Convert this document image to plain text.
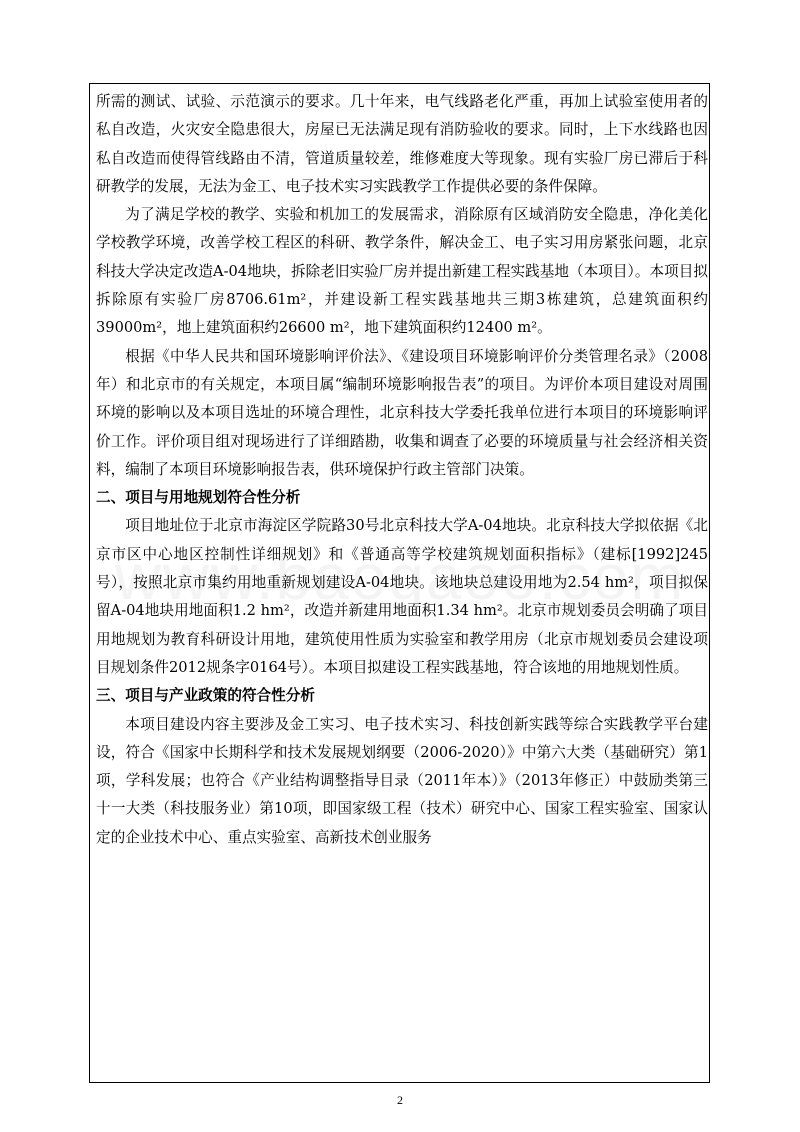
所需的测试、试验、示范演示的要求。几十年来，电气线路老化严重，再加上试验室使用者的私自改造，火灾安全隐患很大，房屋已无法满足现有消防验收的要求。同时，上下水线路也因私自改造而使得管线路由不清，管道质量较差，维修难度大等现象。现有实验厂房已滞后于科研教学的发展，无法为金工、电子技术实习实践教学工作提供必要的条件保障。

为了满足学校的教学、实验和机加工的发展需求，消除原有区域消防安全隐患，净化美化学校教学环境，改善学校工程区的科研、教学条件，解决金工、电子实习用房紧张问题，北京科技大学决定改造A-04地块，拆除老旧实验厂房并提出新建工程实践基地（本项目）。本项目拟拆除原有实验厂房8706.61m²，并建设新工程实践基地共三期3栋建筑，总建筑面积约39000m²，地上建筑面积约26600 m²，地下建筑面积约12400 m²。

根据《中华人民共和国环境影响评价法》、《建设项目环境影响评价分类管理名录》（2008年）和北京市的有关规定，本项目属“编制环境影响报告表”的项目。为评价本项目建设对周围环境的影响以及本项目选址的环境合理性，北京科技大学委托我单位进行本项目的环境影响评价工作。评价项目组对现场进行了详细踏勘，收集和调查了必要的环境质量与社会经济相关资料，编制了本项目环境影响报告表，供环境保护行政主管部门决策。

二、项目与用地规划符合性分析

项目地址位于北京市海淀区学院路30号北京科技大学A-04地块。北京科技大学拟依据《北京市区中心地区控制性详细规划》和《普通高等学校建筑规划面积指标》（建标[1992]245号），按照北京市集约用地重新规划建设A-04地块。该地块总建设用地为2.54 hm²，项目拟保留A-04地块用地面积1.2 hm²，改造并新建用地面积1.34 hm²。北京市规划委员会明确了项目用地规划为教育科研设计用地，建筑使用性质为实验室和教学用房（北京市规划委员会建设项目规划条件2012规条字0164号）。本项目拟建设工程实践基地，符合该地的用地规划性质。

三、项目与产业政策的符合性分析

本项目建设内容主要涉及金工实习、电子技术实习、科技创新实践等综合实践教学平台建设，符合《国家中长期科学和技术发展规划纲要（2006-2020）》中第六大类（基础研究）第1项，学科发展；也符合《产业结构调整指导目录（2011年本）》（2013年修正）中鼓励类第三十一大类（科技服务业）第10项，即国家级工程（技术）研究中心、国家工程实验室、国家认定的企业技术中心、重点实验室、高新技术创业服务

2
